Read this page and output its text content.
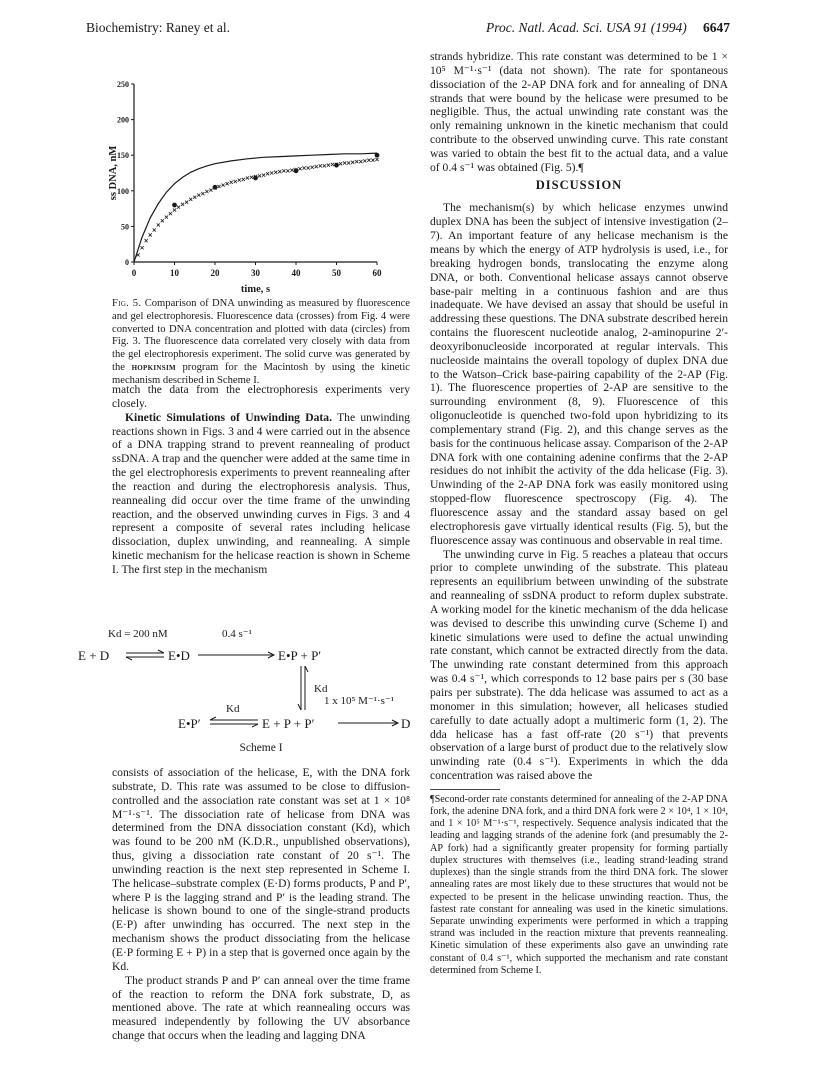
Biochemistry: Raney et al.	Proc. Natl. Acad. Sci. USA 91 (1994) 6647
0	10	20	30	40	50	60
0
50
100
150
200
250
time, s
ss DNA, nM

Fig. 5. Comparison of DNA unwinding as measured by fluorescence and gel electrophoresis. Fluorescence data (crosses) from Fig. 4 were converted to DNA concentration and plotted with data (circles) from Fig. 3. The fluorescence data correlated very closely with data from the gel electrophoresis experiment. The solid curve was generated by the hopkinsim program for the Macintosh by using the kinetic mechanism described in Scheme I.

match the data from the electrophoresis experiments very closely.

Kinetic Simulations of Unwinding Data. The unwinding reactions shown in Figs. 3 and 4 were carried out in the absence of a DNA trapping strand to prevent reannealing of product ssDNA. A trap and the quencher were added at the same time in the gel electrophoresis experiments to prevent reannealing after the reaction and during the electrophoresis analysis. Thus, reannealing did occur over the time frame of the unwinding reaction, and the observed unwinding curves in Figs. 3 and 4 represent a composite of several rates including helicase dissociation, duplex unwinding, and reannealing. A simple kinetic mechanism for the helicase reaction is shown in Scheme I. The first step in the mechanism

Kd = 200 nM	0.4 s⁻¹
E + D	E•D	E•P + P′
Kd
Kd
1 x 10⁵ M⁻¹·s⁻¹
E•P′	E + P + P′	D
Scheme I

consists of association of the helicase, E, with the DNA fork substrate, D. This rate was assumed to be close to diffusion-controlled and the association rate constant was set at 1 × 10⁸ M⁻¹·s⁻¹. The dissociation rate of helicase from DNA was determined from the DNA dissociation constant (Kd), which was found to be 200 nM (K.D.R., unpublished observations), thus, giving a dissociation rate constant of 20 s⁻¹. The unwinding reaction is the next step represented in Scheme I. The helicase–substrate complex (E·D) forms products, P and P′, where P is the lagging strand and P′ is the leading strand. The helicase is shown bound to one of the single-strand products (E·P) after unwinding has occurred. The next step in the mechanism shows the product dissociating from the helicase (E·P forming E + P) in a step that is governed once again by the Kd.

The product strands P and P′ can anneal over the time frame of the reaction to reform the DNA fork substrate, D, as mentioned above. The rate at which reannealing occurs was measured independently by following the UV absorbance change that occurs when the leading and lagging DNA

strands hybridize. This rate constant was determined to be 1 × 10⁵ M⁻¹·s⁻¹ (data not shown). The rate for spontaneous dissociation of the 2-AP DNA fork and for annealing of DNA strands that were bound by the helicase were presumed to be negligible. Thus, the actual unwinding rate constant was the only remaining unknown in the kinetic mechanism that could contribute to the observed unwinding curve. This rate constant was varied to obtain the best fit to the actual data, and a value of 0.4 s⁻¹ was obtained (Fig. 5).¶

DISCUSSION

The mechanism(s) by which helicase enzymes unwind duplex DNA has been the subject of intensive investigation (2–7). An important feature of any helicase mechanism is the means by which the energy of ATP hydrolysis is used, i.e., for breaking hydrogen bonds, translocating the enzyme along DNA, or both. Conventional helicase assays cannot observe base-pair melting in a continuous fashion and are thus inadequate. We have devised an assay that should be useful in addressing these questions. The DNA substrate described herein contains the fluorescent nucleotide analog, 2-aminopurine 2′-deoxyribonucleoside incorporated at regular intervals. This nucleoside maintains the overall topology of duplex DNA due to the Watson–Crick base-pairing capability of the 2-AP (Fig. 1). The fluorescence properties of 2-AP are sensitive to the surrounding environment (8, 9). Fluorescence of this oligonucleotide is quenched two-fold upon hybridizing to its complementary strand (Fig. 2), and this change serves as the basis for the continuous helicase assay. Comparison of the 2-AP DNA fork with one containing adenine confirms that the 2-AP residues do not inhibit the activity of the dda helicase (Fig. 3). Unwinding of the 2-AP DNA fork was easily monitored using stopped-flow fluorescence spectroscopy (Fig. 4). The fluorescence assay and the standard assay based on gel electrophoresis gave virtually identical results (Fig. 5), but the fluorescence assay was continuous and observable in real time.

The unwinding curve in Fig. 5 reaches a plateau that occurs prior to complete unwinding of the substrate. This plateau represents an equilibrium between unwinding of the substrate and reannealing of ssDNA product to reform duplex substrate. A working model for the kinetic mechanism of the dda helicase was devised to describe this unwinding curve (Scheme I) and kinetic simulations were used to define the actual unwinding rate constant, which cannot be extracted directly from the data. The unwinding rate constant determined from this approach was 0.4 s⁻¹, which corresponds to 12 base pairs per s (30 base pairs per substrate). The dda helicase was assumed to act as a monomer in this simulation; however, all helicases studied carefully to date actually adopt a multimeric form (1, 2). The dda helicase has a fast off-rate (20 s⁻¹) that prevents observation of a large burst of product due to the relatively slow unwinding rate (0.4 s⁻¹). Experiments in which the dda concentration was raised above the

¶Second-order rate constants determined for annealing of the 2-AP DNA fork, the adenine DNA fork, and a third DNA fork were 2 × 10⁴, 1 × 10⁴, and 1 × 10⁵ M⁻¹·s⁻¹, respectively. Sequence analysis indicated that the leading and lagging strands of the adenine fork (and presumably the 2-AP fork) had a significantly greater propensity for forming partially duplex structures with themselves (i.e., leading strand·leading strand duplexes) than the single strands from the third DNA fork. The slower annealing rates are most likely due to these structures that would not be expected to be present in the helicase unwinding reaction. Thus, the fastest rate constant for annealing was used in the kinetic simulations. Separate unwinding experiments were performed in which a trapping strand was included in the reaction mixture that prevents reannealing. Kinetic simulation of these experiments also gave an unwinding rate constant of 0.4 s⁻¹, which supported the mechanism and rate constant determined from Scheme I.
